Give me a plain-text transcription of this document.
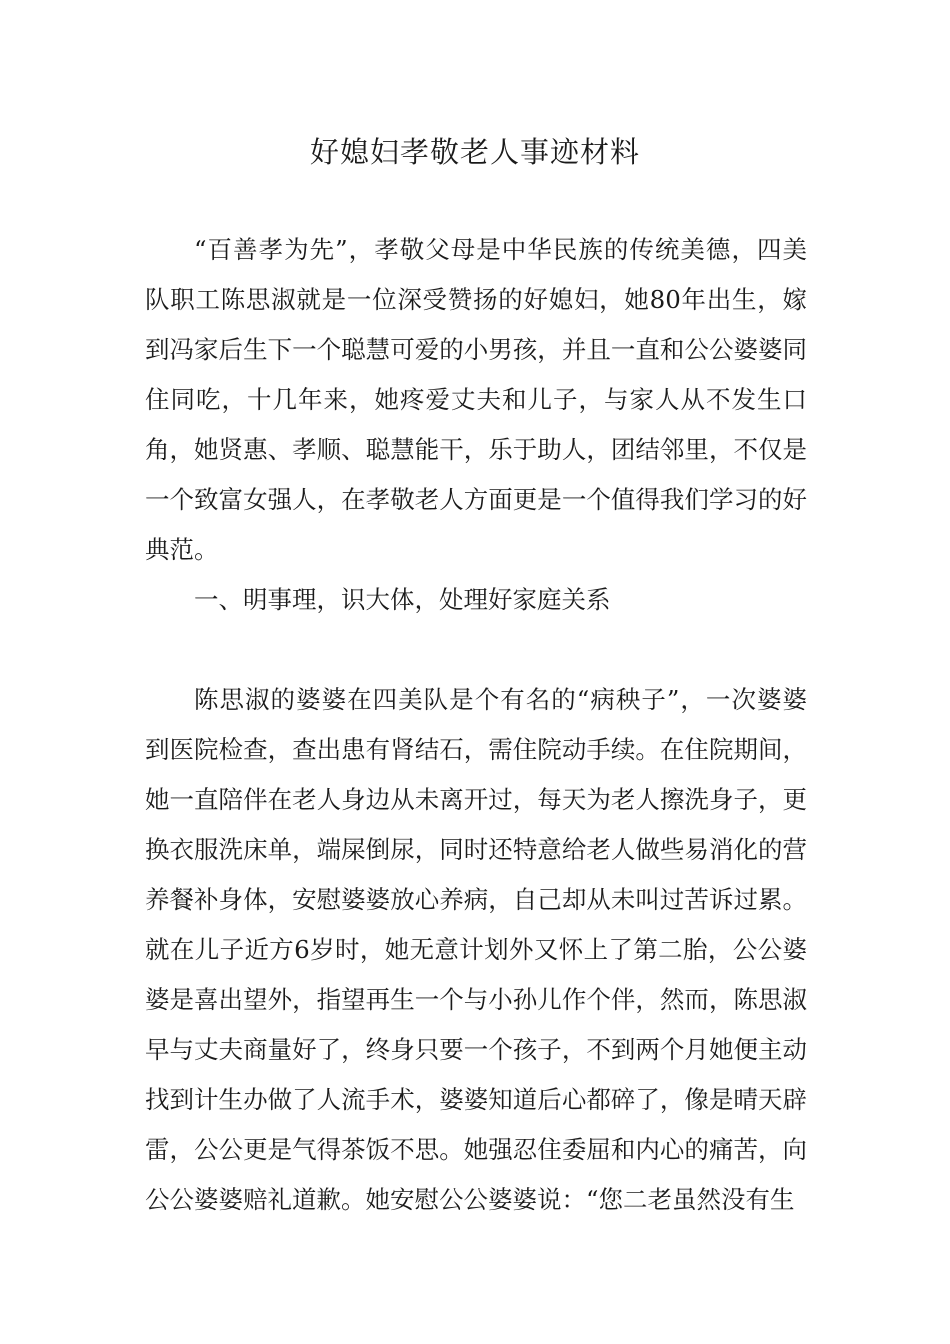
好媳妇孝敬老人事迹材料

“百善孝为先”，孝敬父母是中华民族的传统美德，四美队职工陈思淑就是一位深受赞扬的好媳妇，她80年出生，嫁到冯家后生下一个聪慧可爱的小男孩，并且一直和公公婆婆同住同吃，十几年来，她疼爱丈夫和儿子，与家人从不发生口角，她贤惠、孝顺、聪慧能干，乐于助人，团结邻里，不仅是一个致富女强人，在孝敬老人方面更是一个值得我们学习的好典范。

一、明事理，识大体，处理好家庭关系

陈思淑的婆婆在四美队是个有名的“病秧子”，一次婆婆到医院检查，查出患有肾结石，需住院动手续。在住院期间，她一直陪伴在老人身边从未离开过，每天为老人擦洗身子，更换衣服洗床单，端屎倒尿，同时还特意给老人做些易消化的营养餐补身体，安慰婆婆放心养病，自己却从未叫过苦诉过累。就在儿子近方6岁时，她无意计划外又怀上了第二胎，公公婆婆是喜出望外，指望再生一个与小孙儿作个伴，然而，陈思淑早与丈夫商量好了，终身只要一个孩子，不到两个月她便主动找到计生办做了人流手术，婆婆知道后心都碎了，像是晴天辟雷，公公更是气得茶饭不思。她强忍住委屈和内心的痛苦，向公公婆婆赔礼道歉。她安慰公公婆婆说：“您二老虽然没有生
